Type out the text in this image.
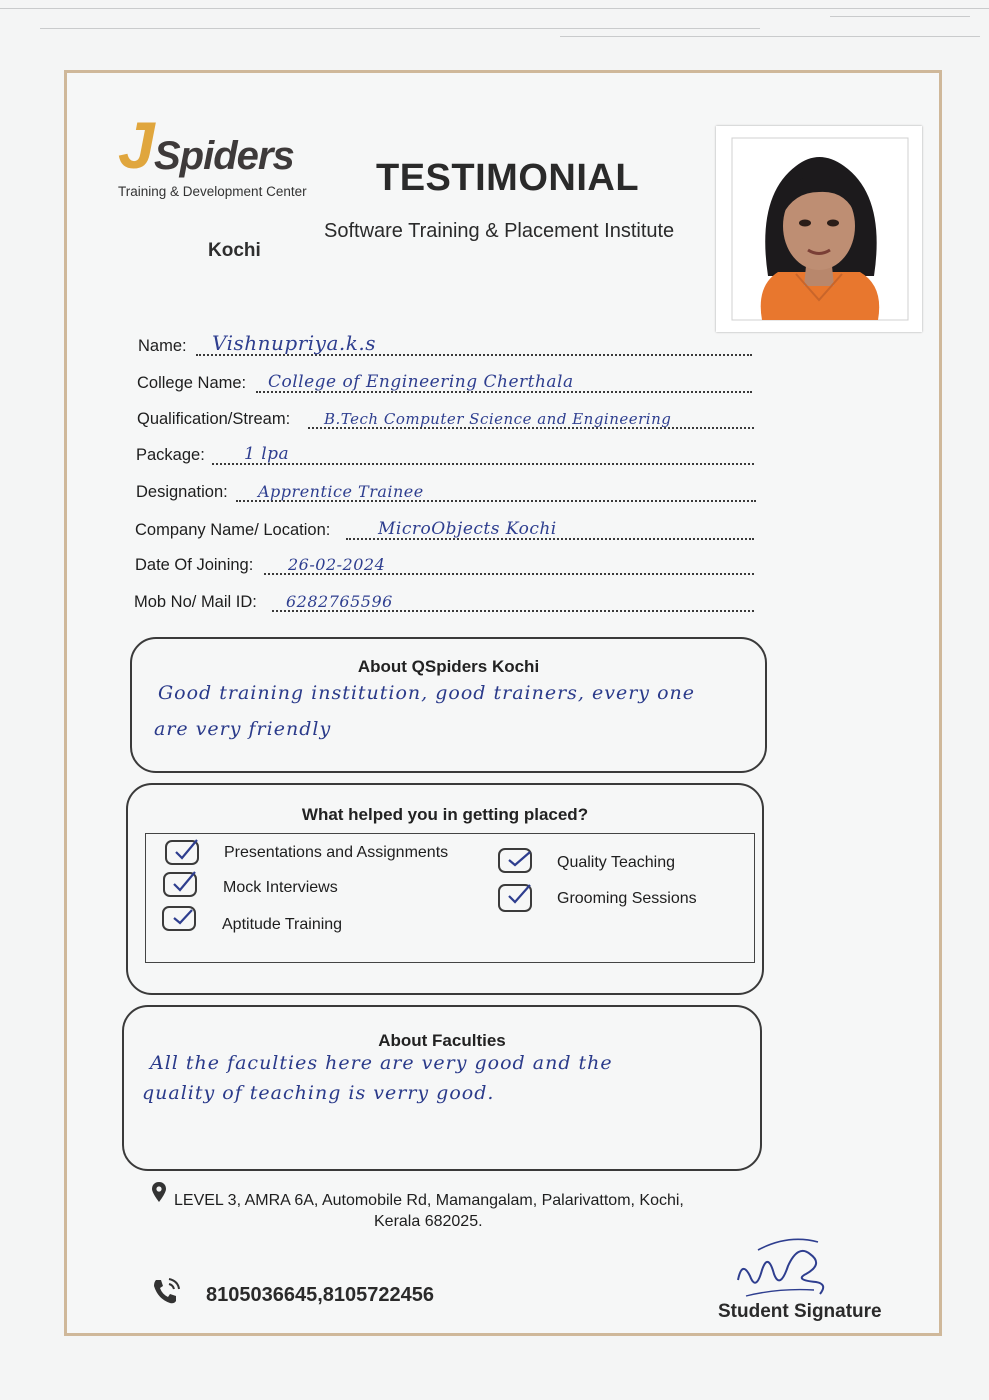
J Spiders
Training & Development Center
Kochi
TESTIMONIAL
Software Training & Placement Institute
Name: Vishnupriya.k.s
College Name: College of Engineering Cherthala
Qualification/Stream: B.Tech Computer Science and Engineering
Package: 1 lpa
Designation: Apprentice Trainee
Company Name/ Location:	MicroObjects Kochi
Date Of Joining: 26-02-2024
Mob No/ Mail ID: 6282765596
About QSpiders Kochi
Good training institution, good trainers, every one
are very friendly
What helped you in getting placed?
Presentations and Assignments
Mock Interviews
Aptitude Training
Quality Teaching
Grooming Sessions
About Faculties
All the faculties here are very good and the
quality of teaching is verry good.
LEVEL 3, AMRA 6A, Automobile Rd, Mamangalam, Palarivattom, Kochi,
Kerala 682025.
8105036645,8105722456
Student Signature
